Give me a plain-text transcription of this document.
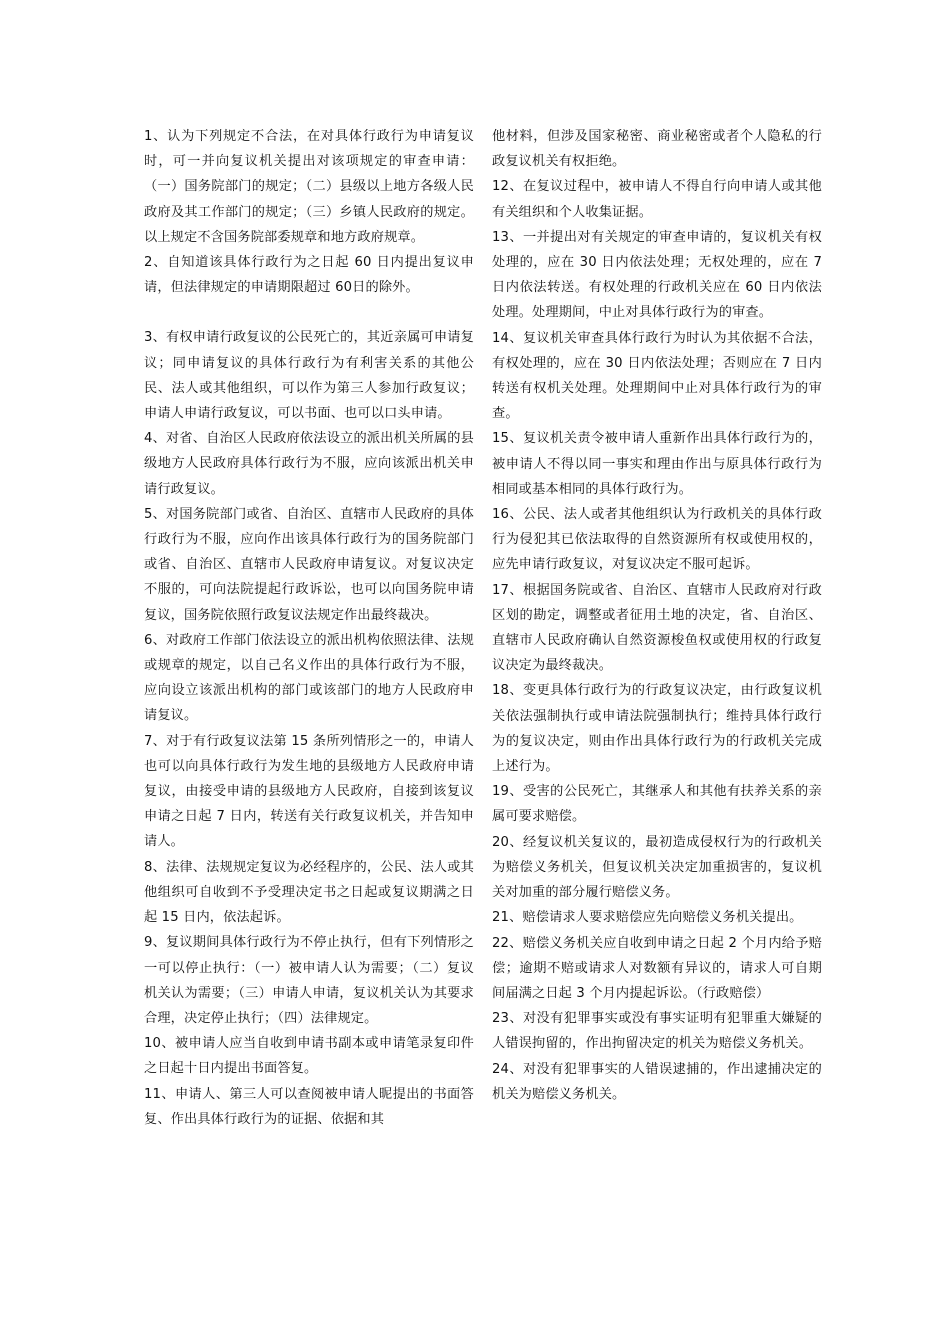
1、认为下列规定不合法，在对具体行政行为申请复议时，可一并向复议机关提出对该项规定的审查申请：（一）国务院部门的规定；（二）县级以上地方各级人民政府及其工作部门的规定；（三）乡镇人民政府的规定。以上规定不含国务院部委规章和地方政府规章。

2、自知道该具体行政行为之日起 60 日内提出复议申请，但法律规定的申请期限超过 60日的除外。

3、有权申请行政复议的公民死亡的，其近亲属可申请复议；同申请复议的具体行政行为有利害关系的其他公民、法人或其他组织，可以作为第三人参加行政复议；申请人申请行政复议，可以书面、也可以口头申请。

4、对省、自治区人民政府依法设立的派出机关所属的县级地方人民政府具体行政行为不服，应向该派出机关申请行政复议。

5、对国务院部门或省、自治区、直辖市人民政府的具体行政行为不服，应向作出该具体行政行为的国务院部门或省、自治区、直辖市人民政府申请复议。对复议决定不服的，可向法院提起行政诉讼，也可以向国务院申请复议，国务院依照行政复议法规定作出最终裁决。

6、对政府工作部门依法设立的派出机构依照法律、法规或规章的规定，以自己名义作出的具体行政行为不服，应向设立该派出机构的部门或该部门的地方人民政府申请复议。

7、对于有行政复议法第 15 条所列情形之一的，申请人也可以向具体行政行为发生地的县级地方人民政府申请复议，由接受申请的县级地方人民政府，自接到该复议申请之日起 7 日内，转送有关行政复议机关，并告知申请人。

8、法律、法规规定复议为必经程序的，公民、法人或其他组织可自收到不予受理决定书之日起或复议期满之日起 15 日内，依法起诉。

9、复议期间具体行政行为不停止执行，但有下列情形之一可以停止执行：（一）被申请人认为需要；（二）复议机关认为需要；（三）申请人申请，复议机关认为其要求合理，决定停止执行；（四）法律规定。

10、被申请人应当自收到申请书副本或申请笔录复印件之日起十日内提出书面答复。

11、申请人、第三人可以查阅被申请人昵提出的书面答复、作出具体行政行为的证据、依据和其

他材料，但涉及国家秘密、商业秘密或者个人隐私的行政复议机关有权拒绝。

12、在复议过程中，被申请人不得自行向申请人或其他有关组织和个人收集证据。

13、一并提出对有关规定的审查申请的，复议机关有权处理的，应在 30 日内依法处理；无权处理的，应在 7 日内依法转送。有权处理的行政机关应在 60 日内依法处理。处理期间，中止对具体行政行为的审查。

14、复议机关审查具体行政行为时认为其依据不合法，有权处理的，应在 30 日内依法处理；否则应在 7 日内转送有权机关处理。处理期间中止对具体行政行为的审查。

15、复议机关责令被申请人重新作出具体行政行为的，被申请人不得以同一事实和理由作出与原具体行政行为相同或基本相同的具体行政行为。

16、公民、法人或者其他组织认为行政机关的具体行政行为侵犯其已依法取得的自然资源所有权或使用权的，应先申请行政复议，对复议决定不服可起诉。

17、根据国务院或省、自治区、直辖市人民政府对行政区划的勘定，调整或者征用土地的决定，省、自治区、直辖市人民政府确认自然资源梭鱼权或使用权的行政复议决定为最终裁决。

18、变更具体行政行为的行政复议决定，由行政复议机关依法强制执行或申请法院强制执行；维持具体行政行为的复议决定，则由作出具体行政行为的行政机关完成上述行为。

19、受害的公民死亡，其继承人和其他有扶养关系的亲属可要求赔偿。

20、经复议机关复议的，最初造成侵权行为的行政机关为赔偿义务机关，但复议机关决定加重损害的，复议机关对加重的部分履行赔偿义务。

21、赔偿请求人要求赔偿应先向赔偿义务机关提出。

22、赔偿义务机关应自收到申请之日起 2 个月内给予赔偿；逾期不赔或请求人对数额有异议的，请求人可自期间届满之日起 3 个月内提起诉讼。（行政赔偿）

23、对没有犯罪事实或没有事实证明有犯罪重大嫌疑的人错误拘留的，作出拘留决定的机关为赔偿义务机关。

24、对没有犯罪事实的人错误逮捕的，作出逮捕决定的机关为赔偿义务机关。
